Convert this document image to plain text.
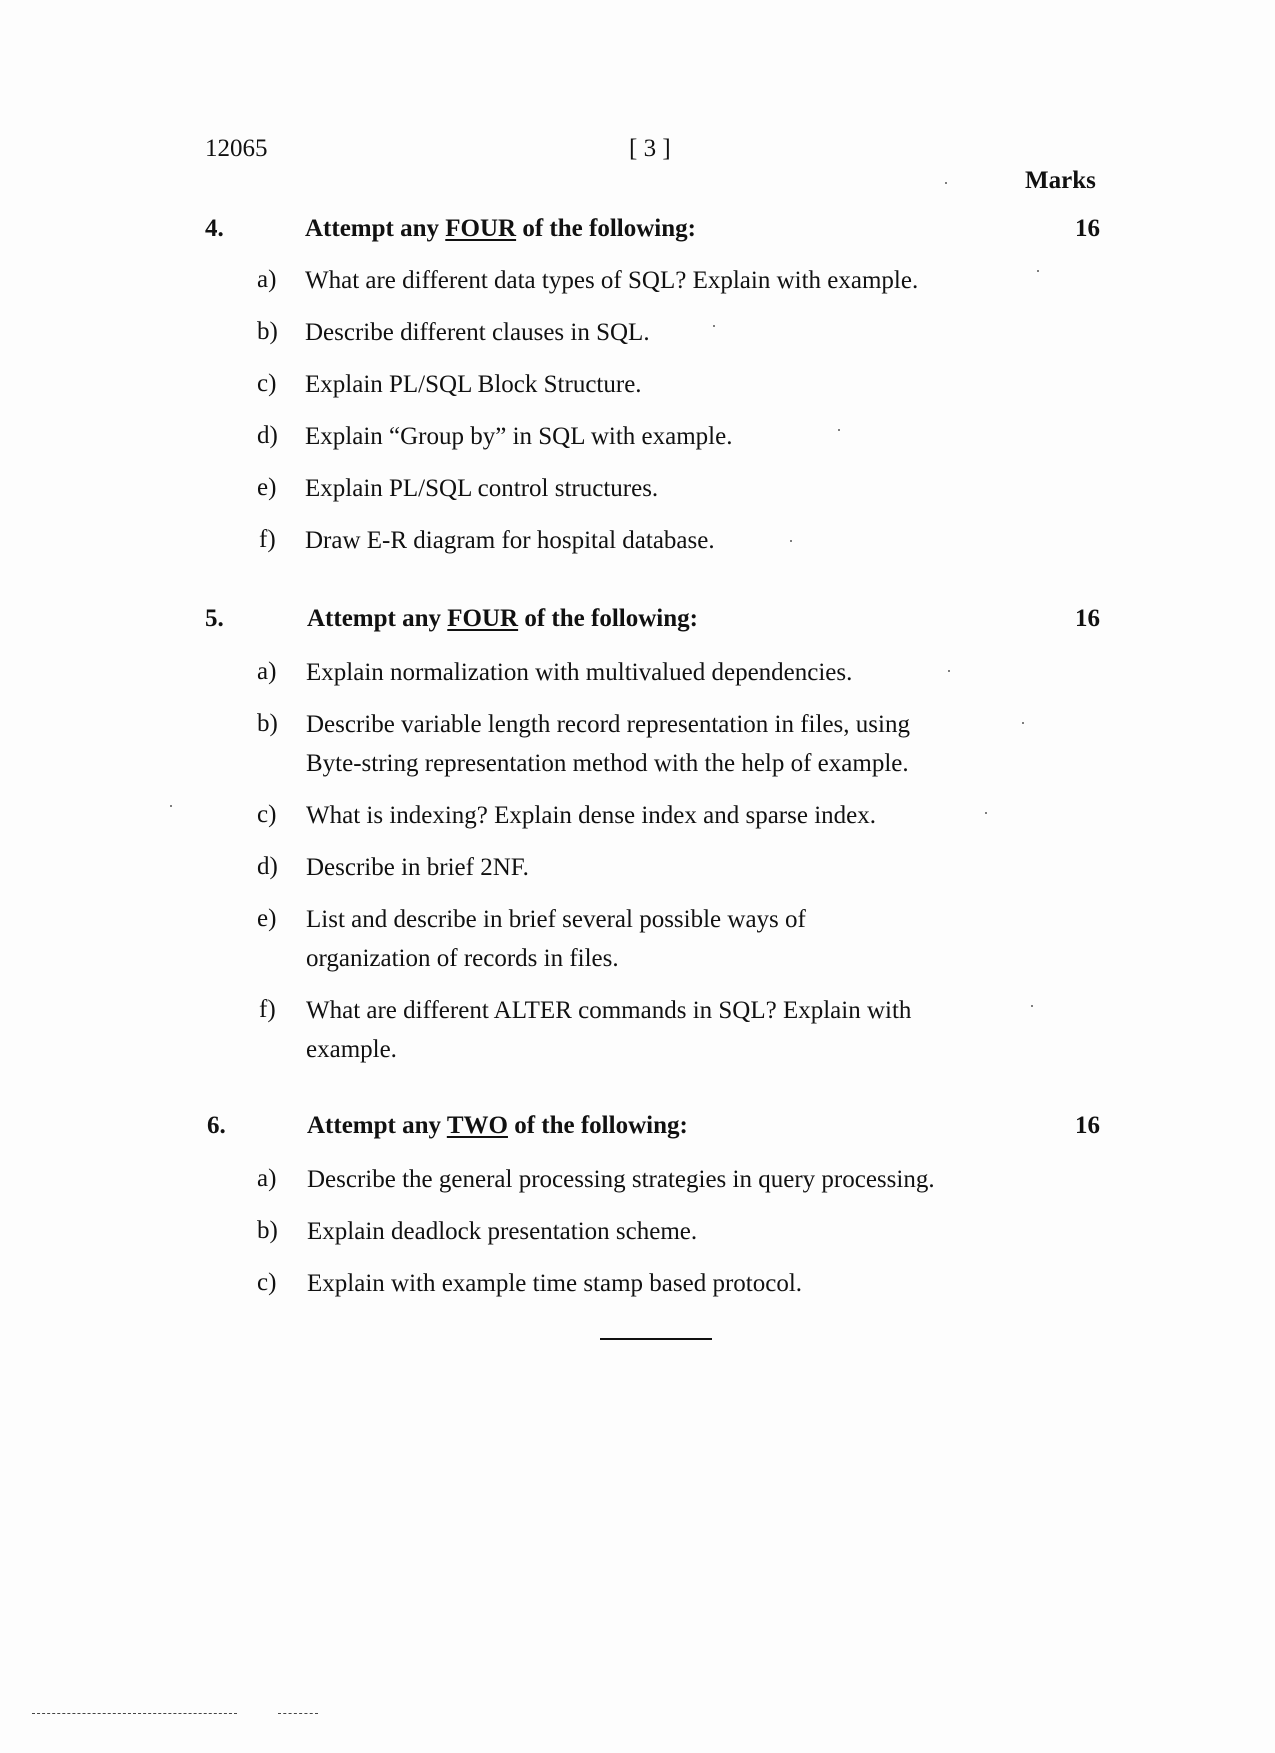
12065	[ 3 ]
Marks
4.	Attempt any FOUR of the following:	16
a) What are different data types of SQL? Explain with example.
b) Describe different clauses in SQL.
c) Explain PL/SQL Block Structure.
d) Explain “Group by” in SQL with example.
e) Explain PL/SQL control structures.
f) Draw E-R diagram for hospital database.
5.	Attempt any FOUR of the following:	16
a) Explain normalization with multivalued dependencies.
b) Describe variable length record representation in files, using
Byte-string representation method with the help of example.
c) What is indexing? Explain dense index and sparse index.
d) Describe in brief 2NF.
e) List and describe in brief several possible ways of
organization of records in files.
f) What are different ALTER commands in SQL? Explain with
example.
6.	Attempt any TWO of the following:	16
a) Describe the general processing strategies in query processing.
b) Explain deadlock presentation scheme.
c) Explain with example time stamp based protocol.
